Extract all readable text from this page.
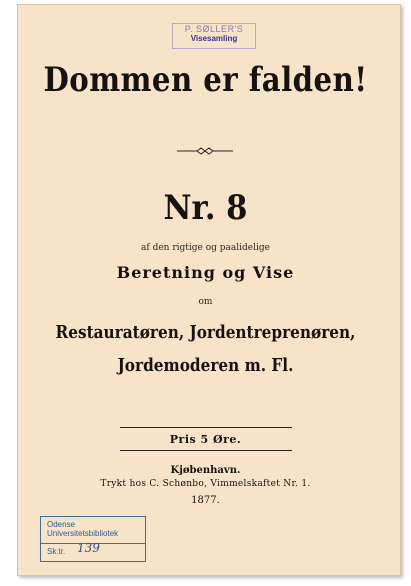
P. SØLLER'S
Visesamling
Dommen er falden!
Nr. 8
af den rigtige og paalidelige
Beretning og Vise
om
Restauratøren, Jordentreprenøren,
Jordemoderen m. Fl.
Pris 5 Øre.
Kjøbenhavn.
Trykt hos C. Schønbo, Vimmelskaftet Nr. 1.
1877.
Odense
Universitetsbibliotek
Sk.tr. 139
